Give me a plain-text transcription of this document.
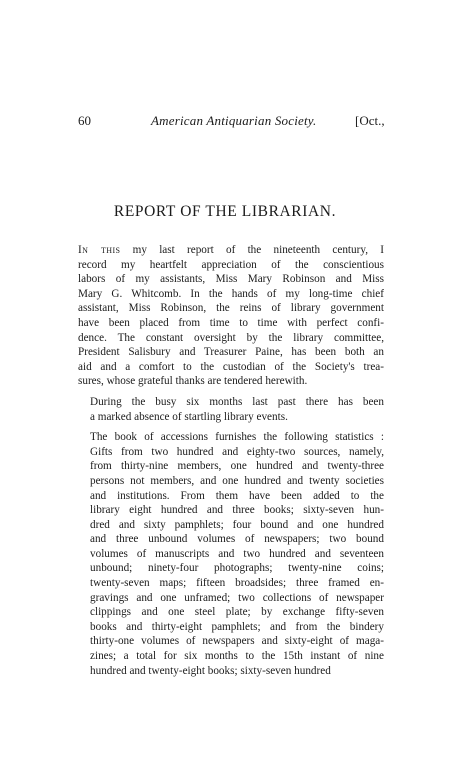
60	American Antiquarian Society.	[Oct.,
REPORT OF THE LIBRARIAN.

In this my last report of the nineteenth century, I
record my heartfelt appreciation of the conscientious
labors of my assistants, Miss Mary Robinson and Miss
Mary G. Whitcomb. In the hands of my long-time chief
assistant, Miss Robinson, the reins of library government
have been placed from time to time with perfect confi-
dence. The constant oversight by the library committee,
President Salisbury and Treasurer Paine, has been both an
aid and a comfort to the custodian of the Society's trea-
sures, whose grateful thanks are tendered herewith.

During the busy six months last past there has been
a marked absence of startling library events.

The book of accessions furnishes the following statistics :
Gifts from two hundred and eighty-two sources, namely,
from thirty-nine members, one hundred and twenty-three
persons not members, and one hundred and twenty societies
and institutions. From them have been added to the
library eight hundred and three books; sixty-seven hun-
dred and sixty pamphlets; four bound and one hundred
and three unbound volumes of newspapers; two bound
volumes of manuscripts and two hundred and seventeen
unbound; ninety-four photographs; twenty-nine coins;
twenty-seven maps; fifteen broadsides; three framed en-
gravings and one unframed; two collections of newspaper
clippings and one steel plate; by exchange fifty-seven
books and thirty-eight pamphlets; and from the bindery
thirty-one volumes of newspapers and sixty-eight of maga-
zines; a total for six months to the 15th instant of nine
hundred and twenty-eight books; sixty-seven hundred
